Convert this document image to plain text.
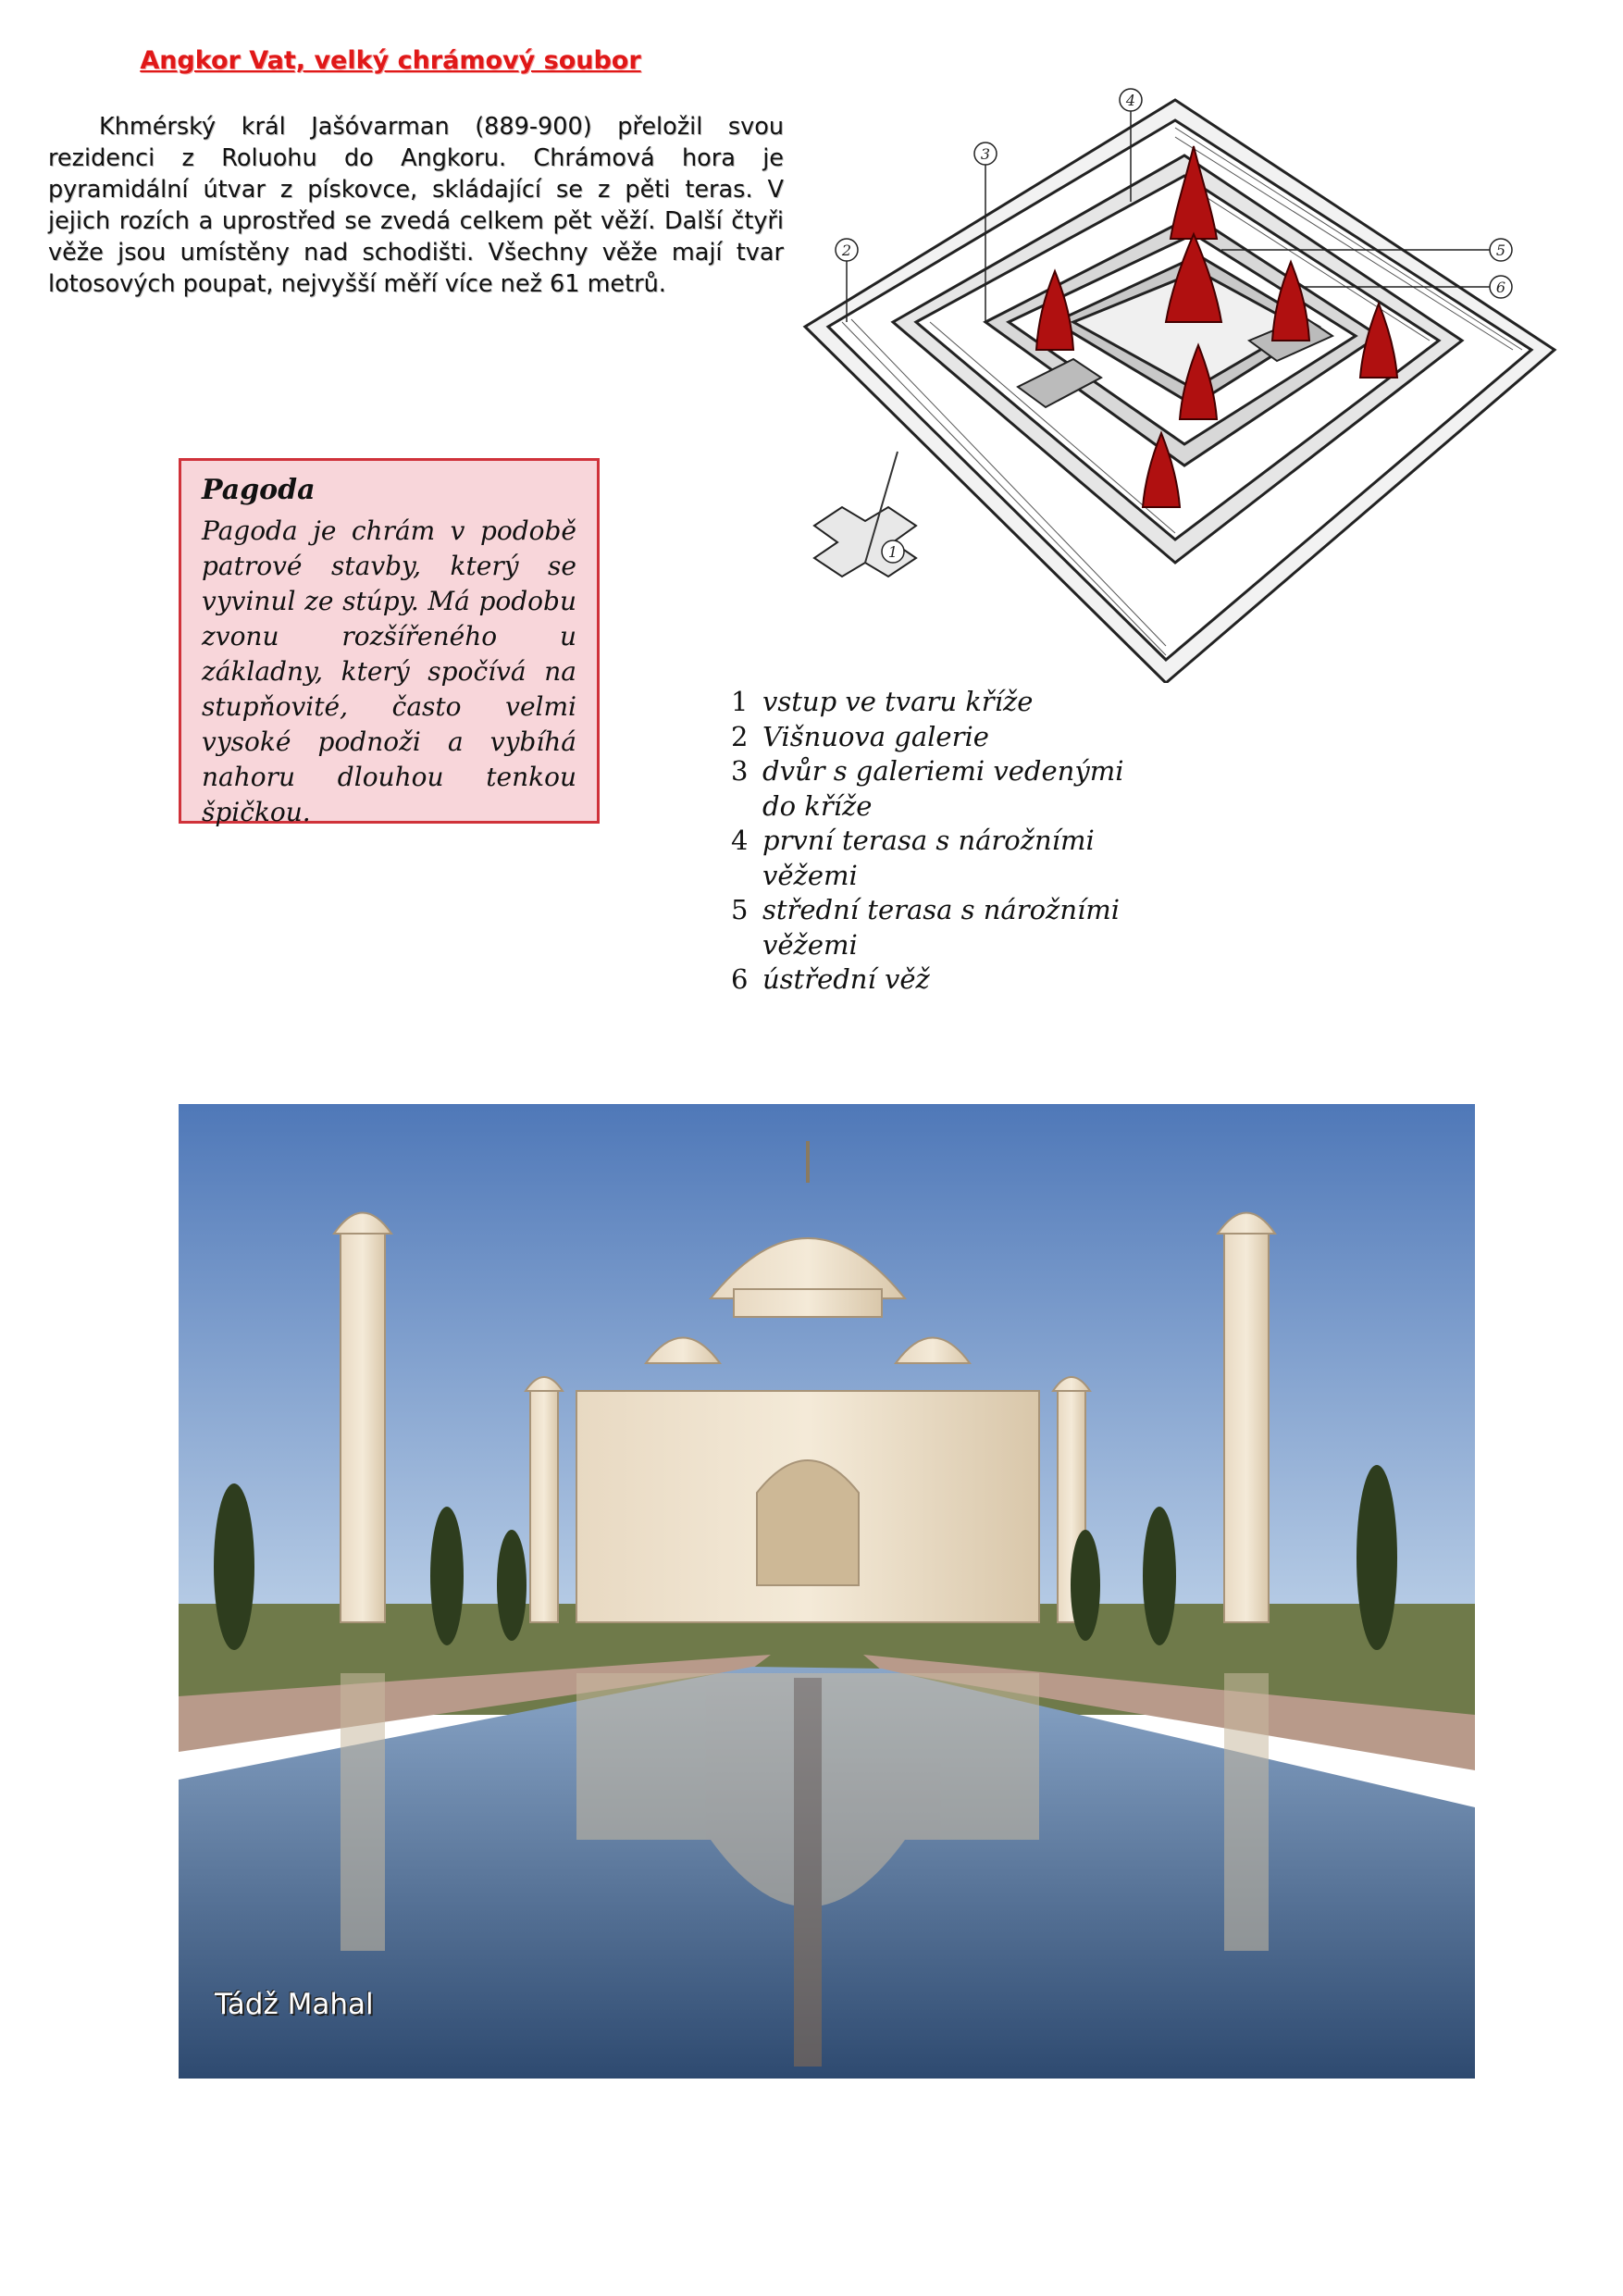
Angkor Vat, velký chrámový soubor
Khmérský král Jašóvarman (889-900) přeložil svou rezidenci z Roluohu do Angkoru. Chrámová hora je pyramidální útvar z pískovce, skládající se z pěti teras. V jejich rozích a uprostřed se zvedá celkem pět věží. Další čtyři věže jsou umístěny nad schodišti. Všechny věže mají tvar lotosových poupat, nejvyšší měří více než 61 metrů.
1
2
3
4
5
6
Pagoda
Pagoda je chrám v podobě patrové stavby, který se vyvinul ze stúpy. Má podobu zvonu rozšířeného u základny, který spočívá na stupňovité, často velmi vysoké podnoži a vybíhá nahoru dlouhou tenkou špičkou.
1 vstup ve tvaru kříže
2 Višnuova galerie
3 dvůr s galeriemi vedenými do kříže
4 první terasa s nárožními věžemi
5 střední terasa s nárožními věžemi
6 ústřední věž
Tádž Mahal
